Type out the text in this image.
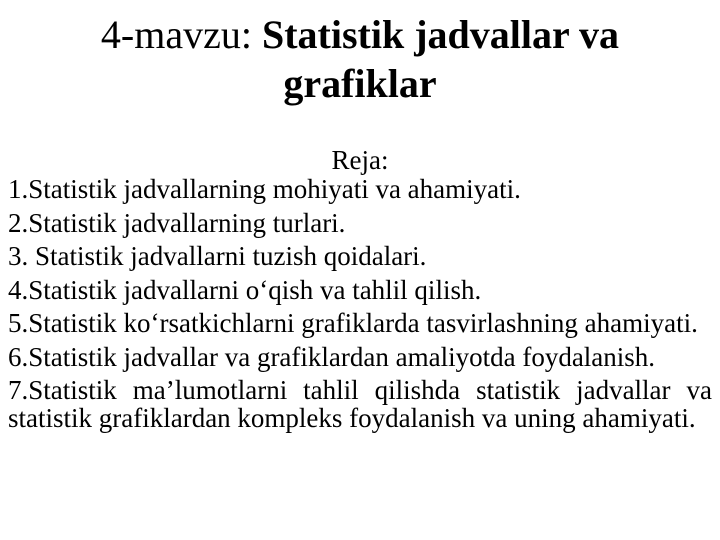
4-mavzu: Statistik jadvallar va grafiklar
Reja:
1.Statistik jadvallarning mohiyati va ahamiyati.
2.Statistik jadvallarning turlari.
3. Statistik jadvallarni tuzish qoidalari.
4.Statistik jadvallarni o‘qish va tahlil qilish.
5.Statistik ko‘rsatkichlarni grafiklarda tasvirlashning ahamiyati.
6.Statistik jadvallar va grafiklardan amaliyotda foydalanish.
7.Statistik ma’lumotlarni tahlil qilishda statistik jadvallar va statistik grafiklardan kompleks foydalanish va uning ahamiyati.
